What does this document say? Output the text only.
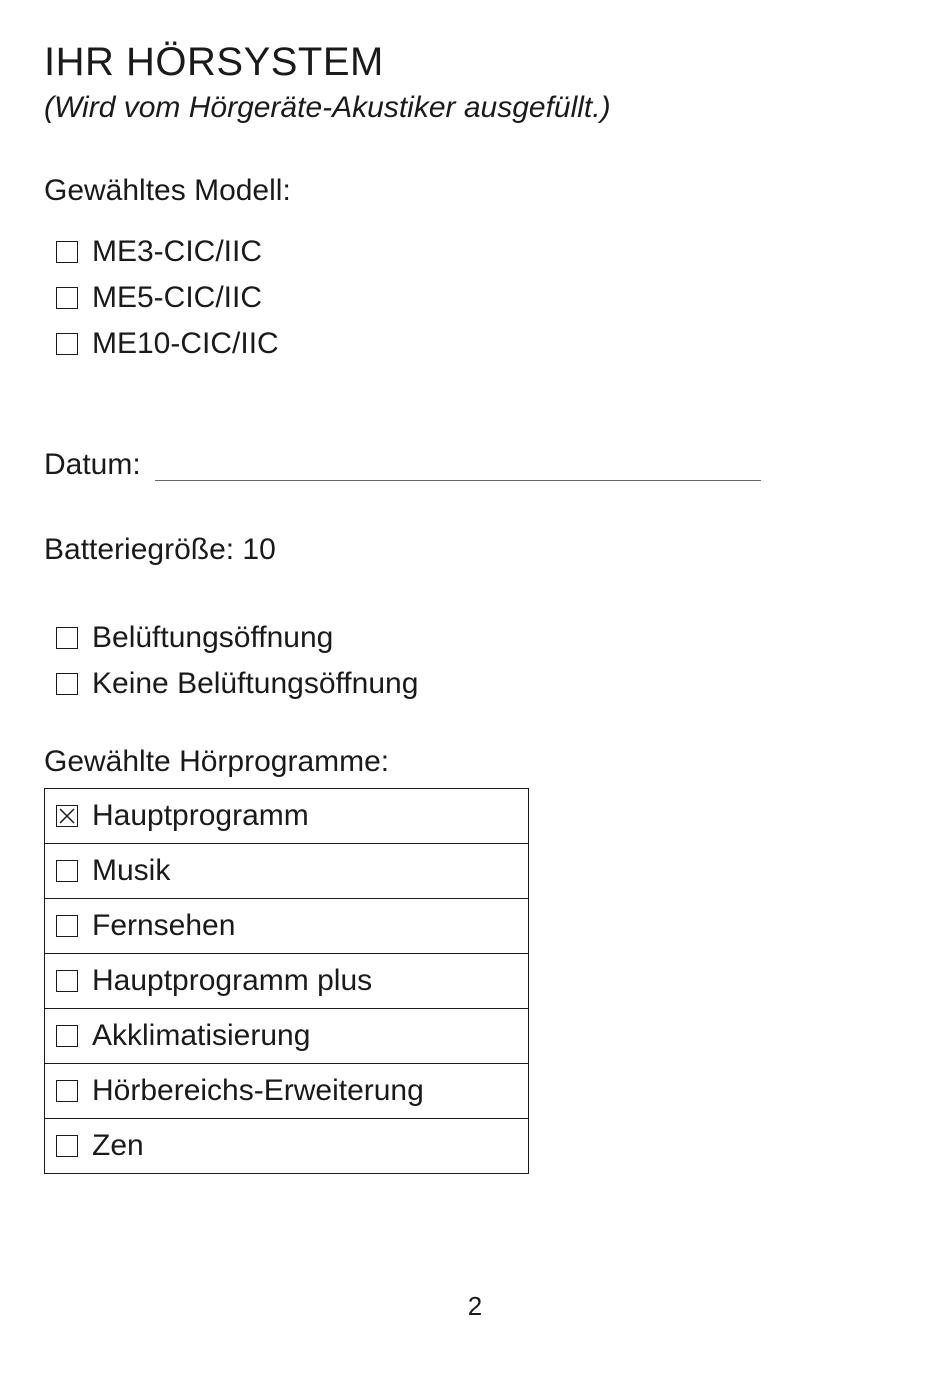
IHR HÖRSYSTEM
(Wird vom Hörgeräte-Akustiker ausgefüllt.)
Gewähltes Modell:
ME3-CIC/IIC
ME5-CIC/IIC
ME10-CIC/IIC
Datum:
Batteriegröße: 10
Belüftungsöffnung
Keine Belüftungsöffnung
Gewählte Hörprogramme:
Hauptprogramm

Musik

Fernsehen

Hauptprogramm plus

Akklimatisierung

Hörbereichs-Erweiterung

Zen
2
